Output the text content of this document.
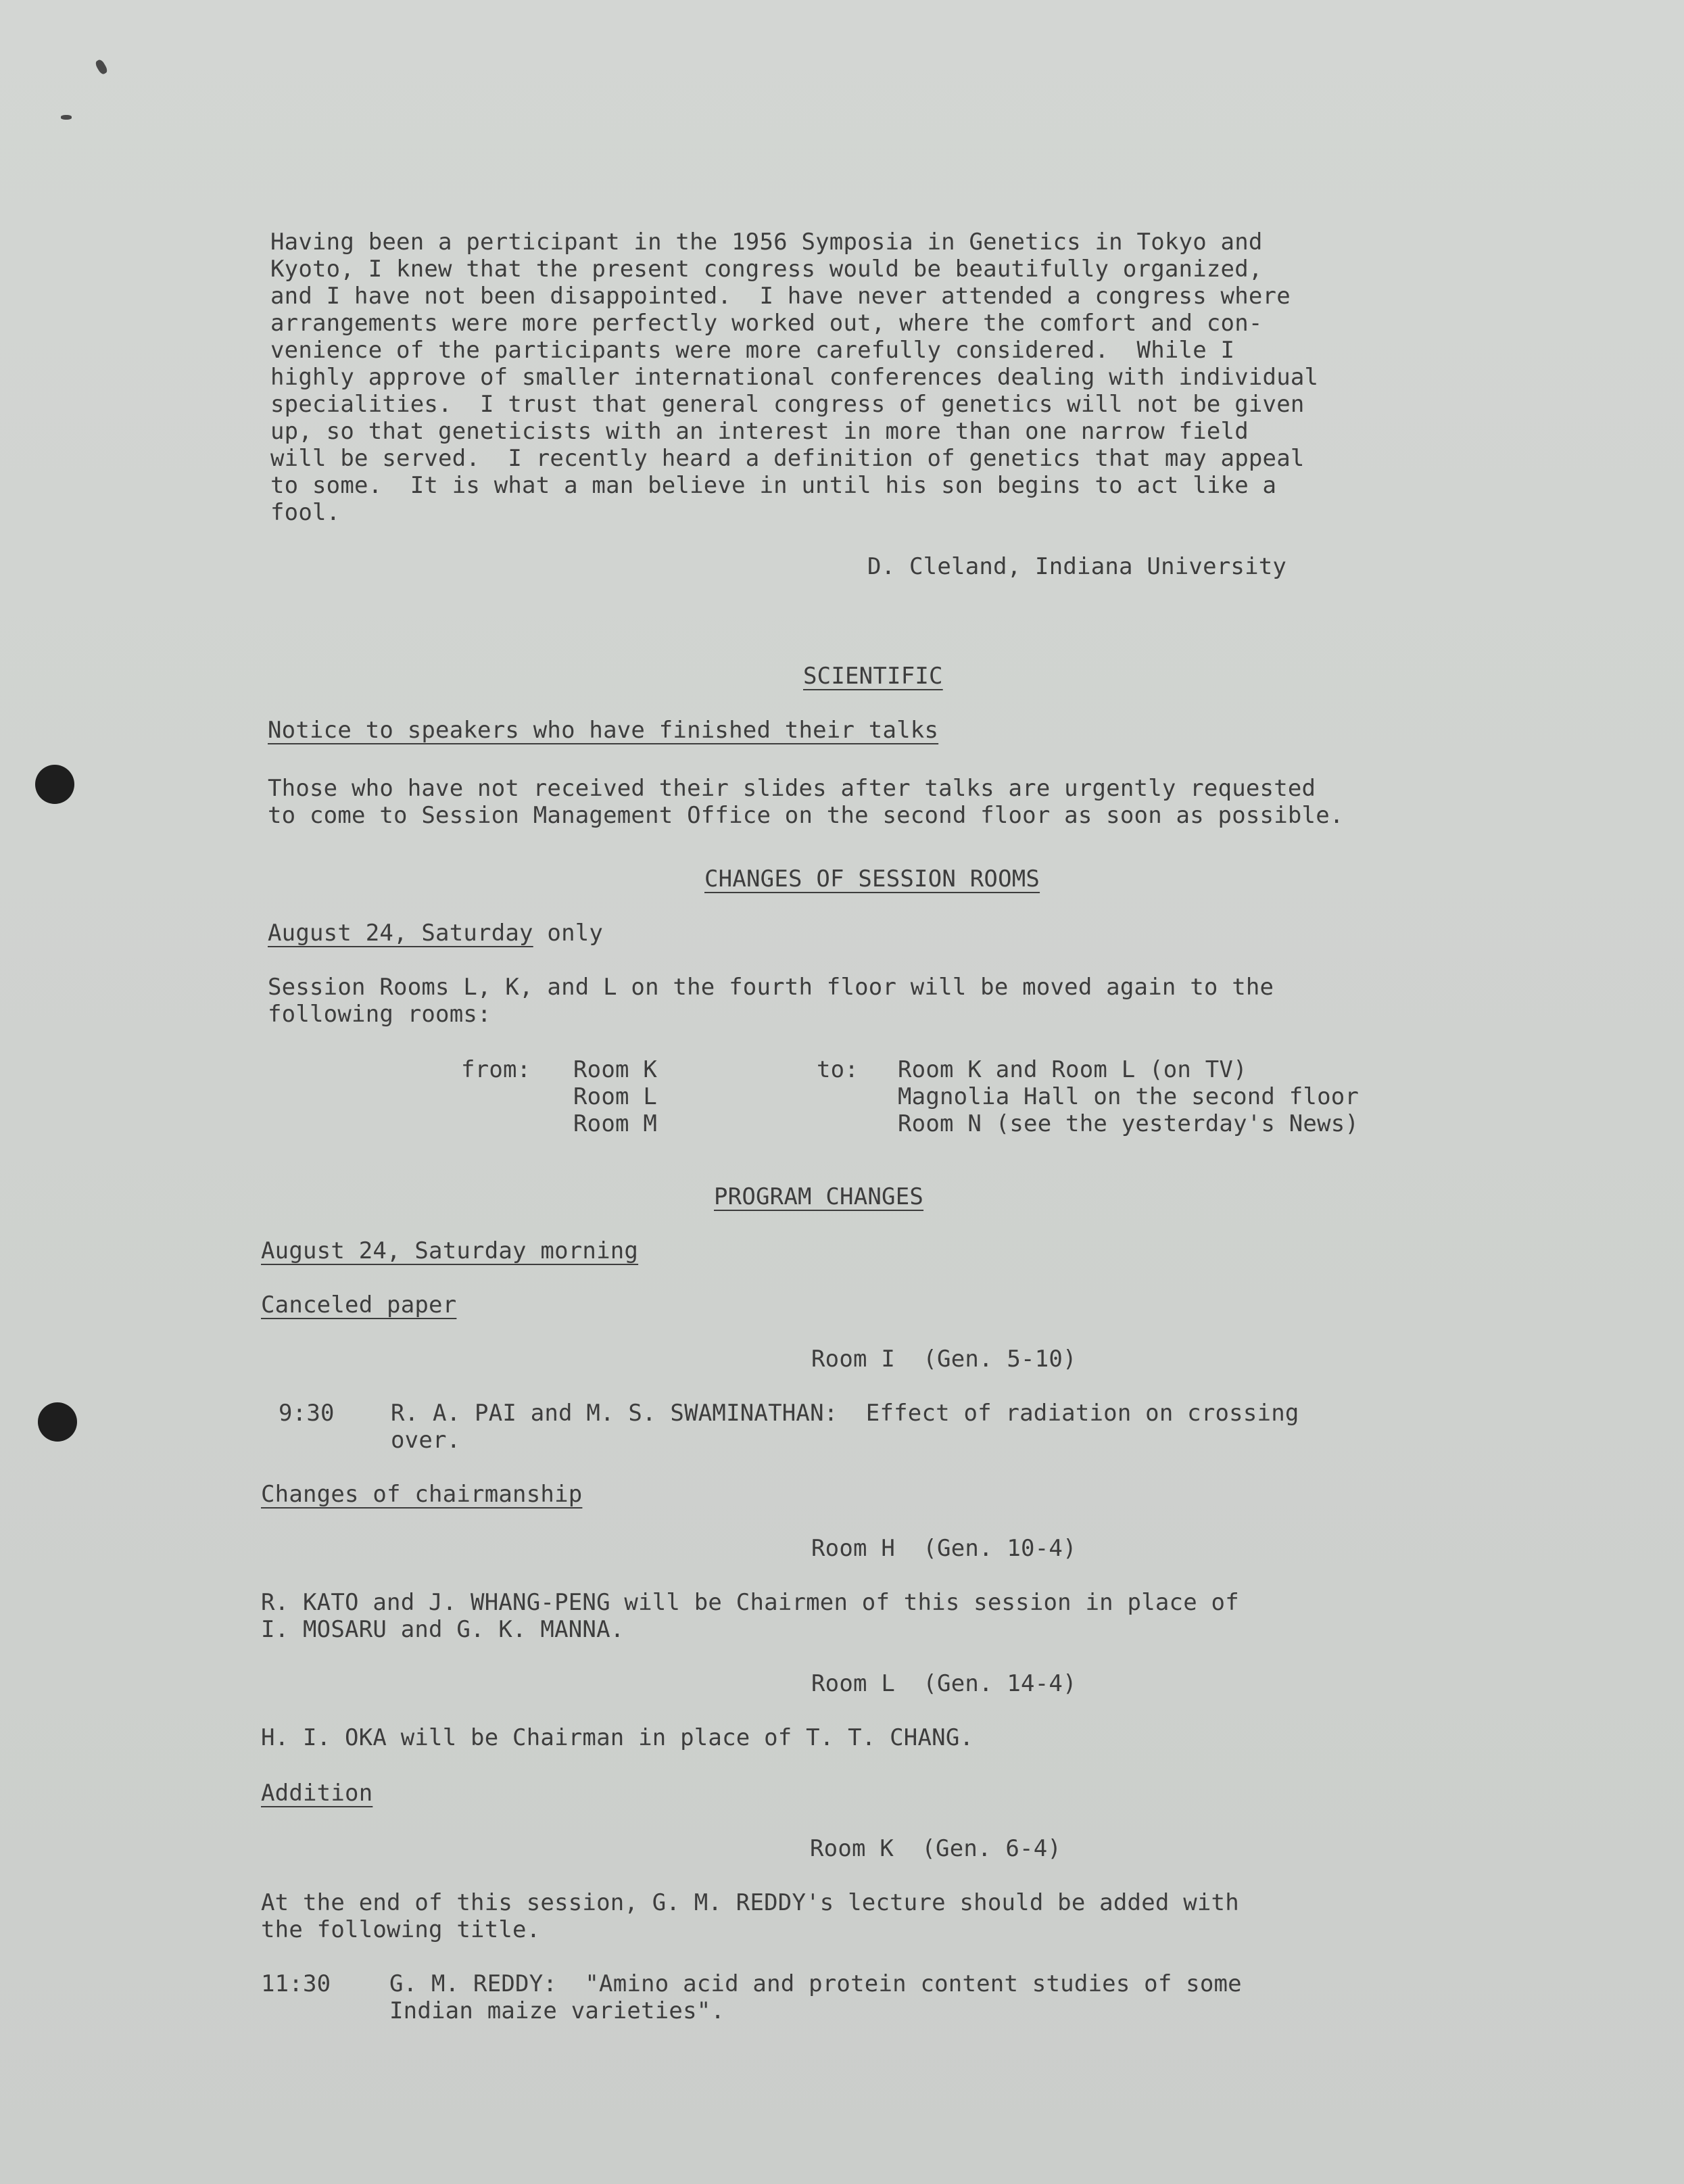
Having been a perticipant in the 1956 Symposia in Genetics in Tokyo and
Kyoto, I knew that the present congress would be beautifully organized,
and I have not been disappointed.  I have never attended a congress where
arrangements were more perfectly worked out, where the comfort and con-
venience of the participants were more carefully considered.  While I
highly approve of smaller international conferences dealing with individual
specialities.  I trust that general congress of genetics will not be given
up, so that geneticists with an interest in more than one narrow field
will be served.  I recently heard a definition of genetics that may appeal
to some.  It is what a man believe in until his son begins to act like a
fool.
D. Cleland, Indiana University
SCIENTIFIC
Notice to speakers who have finished their talks
Those who have not received their slides after talks are urgently requested
to come to Session Management Office on the second floor as soon as possible.
CHANGES OF SESSION ROOMS
August 24, Saturday only
Session Rooms L, K, and L on the fourth floor will be moved again to the
following rooms:
from: Room K
Room L
Room M
to: Room K and Room L (on TV)
Magnolia Hall on the second floor
Room N (see the yesterday's News)
PROGRAM CHANGES
August 24, Saturday morning
Canceled paper
Room I  (Gen. 5-10)
9:30 R. A. PAI and M. S. SWAMINATHAN:  Effect of radiation on crossing
over.
Changes of chairmanship
Room H  (Gen. 10-4)
R. KATO and J. WHANG-PENG will be Chairmen of this session in place of
I. MOSARU and G. K. MANNA.
Room L  (Gen. 14-4)
H. I. OKA will be Chairman in place of T. T. CHANG.
Addition
Room K  (Gen. 6-4)
At the end of this session, G. M. REDDY's lecture should be added with
the following title.
11:30	G. M. REDDY:  "Amino acid and protein content studies of some
Indian maize varieties".
